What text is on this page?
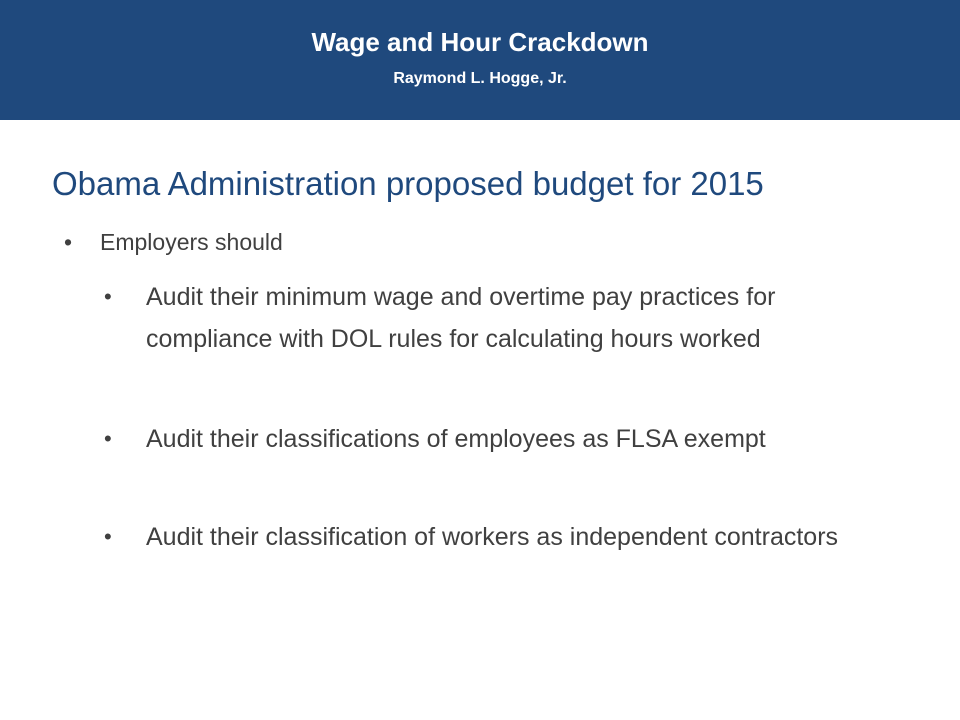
Wage and Hour Crackdown
Raymond L. Hogge, Jr.
Obama Administration proposed budget for 2015
• Employers should
• Audit their minimum wage and overtime pay practices for compliance with DOL rules for calculating hours worked
• Audit their classifications of employees as FLSA exempt
• Audit their classification of workers as independent contractors
